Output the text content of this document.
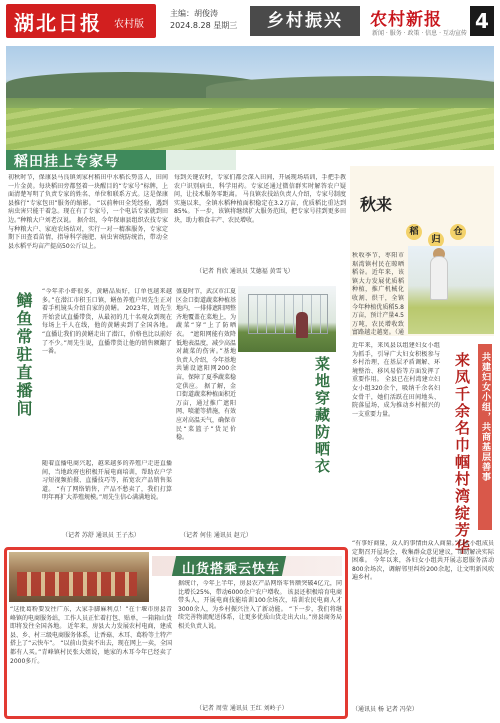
湖北日报 农村版
主编：胡俊涛
2024.8.28 星期三	乡村振兴	农村新报
新闻 · 服务 · 政策 · 信息 · 互动宣传
4
稻田挂上专家号
初秋时节，保康县马良镇刘家村稻田中水稻长势喜人，田间一片金黄。每块稻田旁都竖着一块醒目的“专家号”标牌，上面清楚写明了负责专家的姓名、单位和联系方式。这是保康县推行“专家包田”服务的缩影。 “以前种田全凭经验，遇到病虫害只能干着急。现在有了专家号，一个电话专家就到田边。”种粮大户刘老汉说。 据介绍，今年保康县组织农技专家与种粮大户、家庭农场结对，实行一对一精准服务，专家定期下田查看苗情，指导科学施肥、病虫害统防统治，带动全县水稻平均亩产提高50公斤以上。
每到关键农时，专家们都会深入田间，开展现场培训，手把手教农户识别病虫、科学用药。专家还通过微信群实时解答农户疑问，让技术服务零距离。 马良镇农技站负责人介绍，专家号制度实施以来，全镇水稻种植面积稳定在3.2万亩，优质稻比重达到85%。下一步，该镇将继续扩大服务范围，把专家号挂到更多田块，助力粮食丰产、农民增收。
（记者 肖欣 通讯员 艾德福 黄雪飞）
鳝鱼常驻直播间
“今年赤小虾很多，黄鳝品质好，订单也越来越多。”在潜江市积玉口镇，鳝鱼养殖户周先生正对着手机镜头介绍自家的黄鳝。 2023年，周先生开始尝试直播带货，从最初的几十名观众到现在每场上千人在线，他的黄鳝卖到了全国各地。 “直播让我们的黄鳝走出了潜江，价格也比以前好了不少。”周先生说，直播带货让他的销售额翻了一番。
随着直播电商兴起，越来越多的养殖户走进直播间，当地政府也积极开展电商培训，帮助农户学习短视频拍摄、直播技巧等，拓宽农产品销售渠道。 “有了网络销售，产品不愁卖了，我们打算明年再扩大养殖规模。”周先生信心满满地说。
（记者 苏舒 通讯员 王子杰）
盛夏时节，武汉市江夏区金口街道蔬菜种植基地内，一排排遮阳网整齐地覆盖在菜地上，为蔬菜“穿”上了防晒衣。 “遮阳网能有效降低地表温度，减少高温对蔬菜的伤害。”基地负责人介绍，今年基地共铺设遮阳网200余亩，保障了夏季蔬菜稳定供应。 据了解，金口街道蔬菜种植面积近万亩，通过推广遮阳网、喷灌等措施，有效应对高温天气，确保市民“菜篮子”货足价稳。	菜地穿藏防晒衣
（记者 何佳 通讯员 赵元）
秋来
稻
归
仓
秋收季节，枣阳市琚湾镇村民在晾晒稻谷。近年来，该镇大力发展优质稻种植，推广机械化收割、烘干，全镇今年种植优质稻5.8万亩，预计产量4.5万吨，农民增收致富路越走越宽。（通
近年来，来凤县以组建妇女小组为抓手，引导广大妇女积极参与乡村治理，在基层矛盾调解、环境整治、移风易俗等方面发挥了重要作用。 全县已在村湾建立妇女小组320余个，吸纳千余名妇女骨干，她们活跃在田间地头、院落屋场，成为推动乡村振兴的一支重要力量。	共建妇女小组，共商基层善事
来凤千余名巾帼村湾绽芳华
“有事好商量，众人的事情由众人商量。”妇女小组成员定期召开屋场会，收集群众意见建议，帮助解决实际困难。 今年以来，各妇女小组共开展志愿服务活动800余场次，调解邻里纠纷200余起，让文明新风吹遍乡村。
（通讯员 杨 记者 冯荣）
山货搭乘云快车
“这批葛粉要发往广东，大家手脚麻利点！”在十堰市房县青峰镇的电商服务站，工作人员正忙着打包、贴单，一箱箱山货即将发往全国各地。 近年来，房县大力发展农村电商，建成县、乡、村三级电商服务体系，让香菇、木耳、葛粉等土特产搭上了“云快车”。 “以前山货卖不出去，现在网上一卖，全国都有人买。”青峰镇村民张大姐说，她家的木耳今年已经卖了2000多斤。
据统计，今年上半年，房县农产品网络零售额突破4亿元，同比增长25%，带动6000余户农户增收。 该县还积极培育电商带头人，开展电商技能培训100余场次，培训农民电商人才3000余人，为乡村振兴注入了新动能。 “下一步，我们将继续完善物流配送体系，让更多优质山货走出大山。”房县商务局相关负责人说。
（记者 周莹 通讯员 王红 刘岭子）
